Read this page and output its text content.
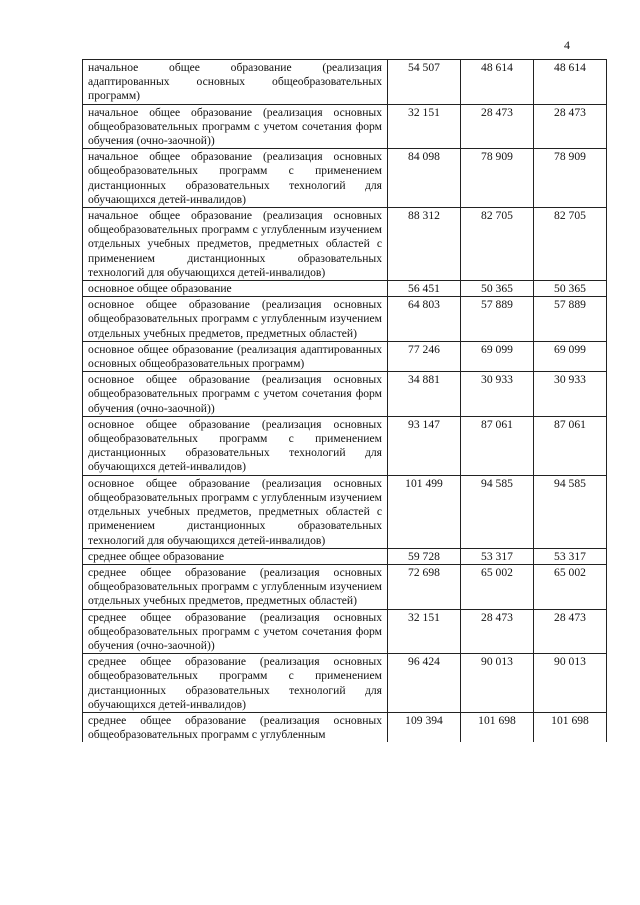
4
начальное общее образование (реализация адаптированных основных общеобразовательных программ)	54 507	48 614	48 614
начальное общее образование (реализация основных общеобразовательных программ с учетом сочетания форм обучения (очно-заочной))	32 151	28 473	28 473
начальное общее образование (реализация основных общеобразовательных программ с применением дистанционных образовательных технологий для обучающихся детей-инвалидов)	84 098	78 909	78 909
начальное общее образование (реализация основных общеобразовательных программ с углубленным изучением отдельных учебных предметов, предметных областей с применением дистанционных образовательных технологий для обучающихся детей-инвалидов)	88 312	82 705	82 705
основное общее образование	56 451	50 365	50 365
основное общее образование (реализация основных общеобразовательных программ с углубленным изучением отдельных учебных предметов, предметных областей)	64 803	57 889	57 889
основное общее образование (реализация адаптированных основных общеобразовательных программ)	77 246	69 099	69 099
основное общее образование (реализация основных общеобразовательных программ с учетом сочетания форм обучения (очно-заочной))	34 881	30 933	30 933
основное общее образование (реализация основных общеобразовательных программ с применением дистанционных образовательных технологий для обучающихся детей-инвалидов)	93 147	87 061	87 061
основное общее образование (реализация основных общеобразовательных программ с углубленным изучением отдельных учебных предметов, предметных областей с применением дистанционных образовательных технологий для обучающихся детей-инвалидов)	101 499	94 585	94 585
среднее общее образование	59 728	53 317	53 317
среднее общее образование (реализация основных общеобразовательных программ с углубленным изучением отдельных учебных предметов, предметных областей)	72 698	65 002	65 002
среднее общее образование (реализация основных общеобразовательных программ с учетом сочетания форм обучения (очно-заочной))	32 151	28 473	28 473
среднее общее образование (реализация основных общеобразовательных программ с применением дистанционных образовательных технологий для обучающихся детей-инвалидов)	96 424	90 013	90 013
среднее общее образование (реализация основных общеобразовательных программ с углубленным	109 394	101 698	101 698
